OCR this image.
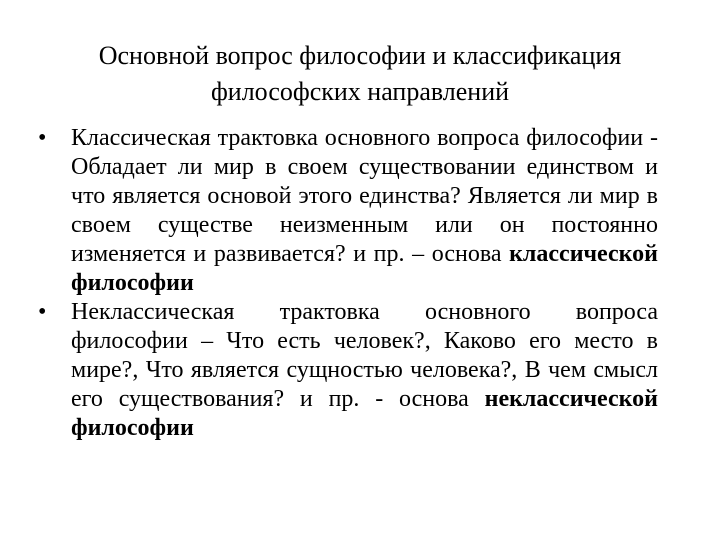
Основной вопрос философии и классификация
философских направлений
•	Классическая трактовка основного вопроса философии - Обладает ли мир в своем существовании единством и что является основой этого единства? Является ли мир в своем существе неизменным или он постоянно изменяется и развивается? и пр. – основа классической философии
•	Неклассическая трактовка основного вопроса философии – Что есть человек?, Каково его место в мире?, Что является сущностью человека?, В чем смысл его существования? и пр. - основа неклассической философии
